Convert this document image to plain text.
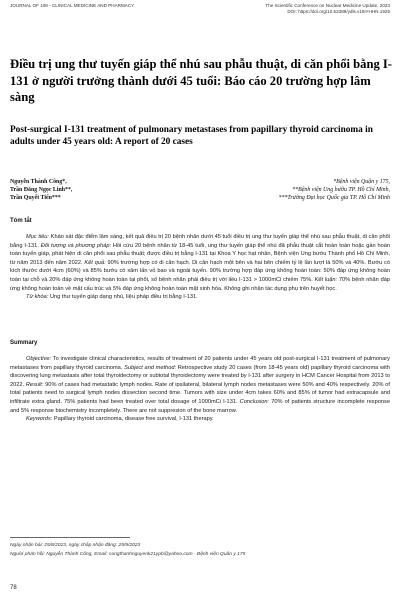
JOURNAL OF 108 - CLINICAL MEDICINE AND PHARMACY	The Scientific Conference on Nuclear Medicine Update, 2023
DOI: https://doi.org/10.52389/ydls.v18iYHHN.1925
Điều trị ung thư tuyến giáp thể nhú sau phẫu thuật, di căn phổi bằng I-131 ở người trưởng thành dưới 45 tuổi: Báo cáo 20 trường hợp lâm sàng
Post-surgical I-131 treatment of pulmonary metastases from papillary thyroid carcinoma in adults under 45 years old: A report of 20 cases
Nguyễn Thành Công*,	*Bệnh viện Quận y 175,
Trần Đăng Ngọc Linh**,	**Bệnh viện Ung bướu TP. Hồ Chí Minh,
Trần Quyết Tiến***	***Trường Đại học Quốc gia TP. Hồ Chí Minh
Tóm tắt

Mục tiêu: Khảo sát đặc điểm lâm sàng, kết quả điều trị 20 bệnh nhân dưới 45 tuổi điều trị ung thư tuyến giáp thể nhú sau phẫu thuật, di căn phổi bằng I-131. Đối tượng và phương pháp: Hồi cứu 20 bệnh nhân từ 18-45 tuổi, ung thư tuyến giáp thể nhú đã phẫu thuật cắt hoàn toàn hoặc gần hoàn toàn tuyến giáp, phát hiện di căn phổi sau phẫu thuật; được điều trị bằng I-131 tại Khoa Y học hạt nhân, Bệnh viện Ung bướu Thành phố Hồ Chí Minh, từ năm 2013 đến năm 2022. Kết quả: 90% trường hợp có di căn hạch. Di căn hạch một bên và hai bên chiếm tỷ lệ lần lượt là 50% và 40%. Bướu có kích thước dưới 4cm (60%) và 85% bướu có xâm lấn vỏ bao và ngoài tuyến. 90% trường hợp đáp ứng không hoàn toàn: 50% đáp ứng không hoàn toàn tại chỗ và 20% đáp ứng không hoàn toàn tại phổi, số bệnh nhân phải điều trị với liều I-131 > 1000mCi chiếm 75%. Kết luận: 70% bệnh nhân đáp ứng không hoàn toàn về mặt cấu trúc và 5% đáp ứng không hoàn toàn mặt sinh hóa. Không ghi nhận tác dụng phụ trên huyết học.

Từ khóa: Ung thư tuyến giáp dạng nhú, liệu pháp điều trị bằng I-131.

Summary

Objective: To investigate clinical characteristics, results of treatment of 20 patients under 45 years old post-surgical I-131 treatment of pulmonary metastases from papillary thyroid carcinoma. Subject and method: Retrospective study 20 cases (from 18-45 years old) papillary thyroid carcinoma with discovering lung metastasis after total thyroidectomy or subtotal thyroidectomy were treated by I-131 after surgery in HCM Cancer Hospital from 2013 to 2022. Result: 90% of cases had metastatic lymph nodes. Rate of ipsilateral, bilateral lymph nodes metastases were 50% and 40% respectively. 20% of total patients need to surgical lymph nodes dissection second time. Tumors with size under 4cm takes 60% and 85% of tumor had extracapsule and infiltrate extra gland. 75% patients had been treated over total dosage of 1000mCi I-131. Conclusion: 70% of patients structure incomplete response and 5% response biochemistry incompletely. There are not suppresion of the bone marrow.

Keywords: Papillary thyroid carcinoma, disease free survival, I-131 therapy.

Ngày nhận bài: 25/8/2023, ngày chấp nhận đăng: 25/9/2023
Người phản hồi: Nguyễn Thành Công, Email: congthanhnguyenk21ypb@yahoo.com - Bệnh viện Quân y 175
78
